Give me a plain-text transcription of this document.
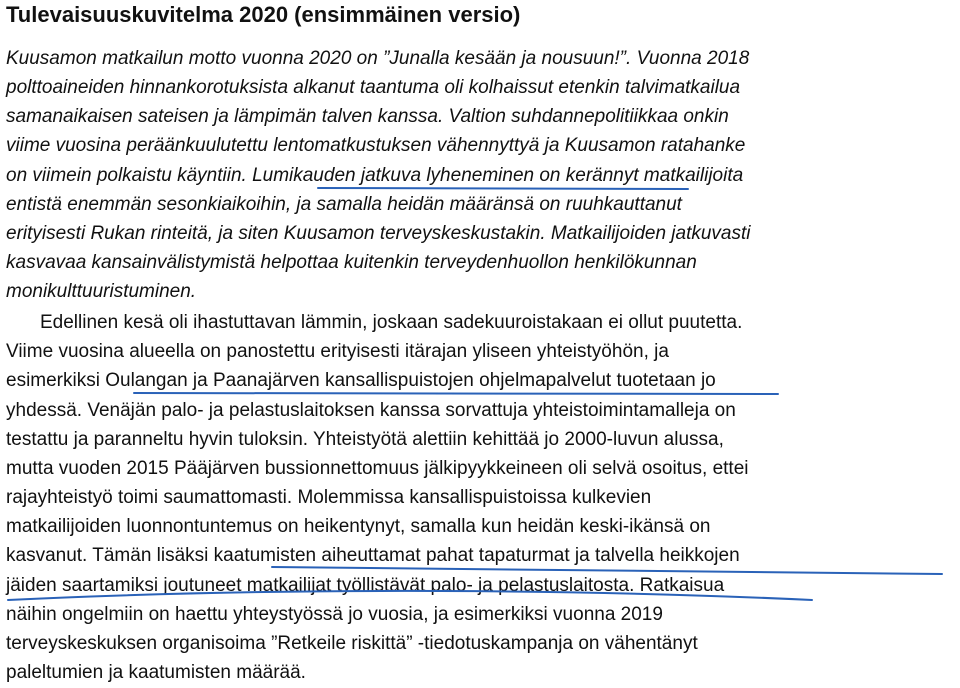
Tulevaisuuskuvitelma 2020 (ensimmäinen versio)
Kuusamon matkailun motto vuonna 2020 on ”Junalla kesään ja nousuun!”. Vuonna 2018
polttoaineiden hinnankorotuksista alkanut taantuma oli kolhaissut etenkin talvimatkailua
samanaikaisen sateisen ja lämpimän talven kanssa. Valtion suhdannepolitiikkaa onkin
viime vuosina peräänkuulutettu lentomatkustuksen vähennyttyä ja Kuusamon ratahanke
on viimein polkaistu käyntiin. Lumikauden jatkuva lyheneminen on kerännyt matkailijoita
entistä enemmän sesonkiaikoihin, ja samalla heidän määränsä on ruuhkauttanut
erityisesti Rukan rinteitä, ja siten Kuusamon terveyskeskustakin. Matkailijoiden jatkuvasti
kasvavaa kansainvälistymistä helpottaa kuitenkin terveydenhuollon henkilökunnan
monikulttuuristuminen.
Edellinen kesä oli ihastuttavan lämmin, joskaan sadekuuroistakaan ei ollut puutetta.
Viime vuosina alueella on panostettu erityisesti itärajan yliseen yhteistyöhön, ja
esimerkiksi Oulangan ja Paanajärven kansallispuistojen ohjelmapalvelut tuotetaan jo
yhdessä. Venäjän palo- ja pelastuslaitoksen kanssa sorvattuja yhteistoimintamalleja on
testattu ja paranneltu hyvin tuloksin. Yhteistyötä alettiin kehittää jo 2000-luvun alussa,
mutta vuoden 2015 Pääjärven bussionnettomuus jälkipyykkeineen oli selvä osoitus, ettei
rajayhteistyö toimi saumattomasti. Molemmissa kansallispuistoissa kulkevien
matkailijoiden luonnontuntemus on heikentynyt, samalla kun heidän keski-ikänsä on
kasvanut. Tämän lisäksi kaatumisten aiheuttamat pahat tapaturmat ja talvella heikkojen
jäiden saartamiksi joutuneet matkailijat työllistävät palo- ja pelastuslaitosta. Ratkaisua
näihin ongelmiin on haettu yhteystyössä jo vuosia, ja esimerkiksi vuonna 2019
terveyskeskuksen organisoima ”Retkeile riskittä” -tiedotuskampanja on vähentänyt
paleltumien ja kaatumisten määrää.
